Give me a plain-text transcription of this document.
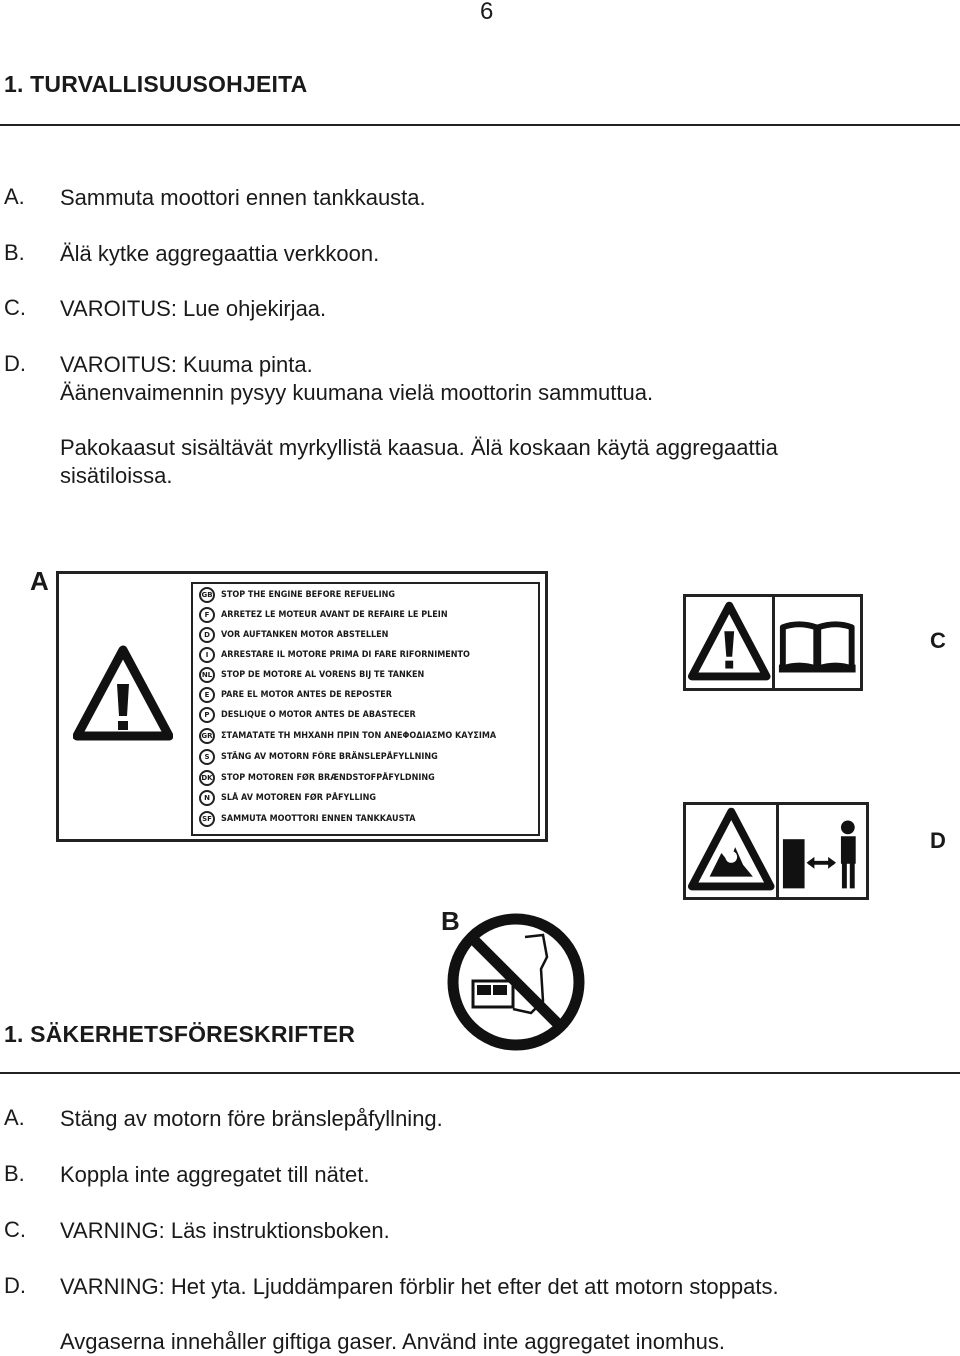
6
1. TURVALLISUUSOHJEITA
A. Sammuta moottori ennen tankkausta.
B. Älä kytke aggregaattia verkkoon.
C. VAROITUS: Lue ohjekirjaa.
D. VAROITUS: Kuuma pinta.
Äänenvaimennin pysyy kuumana vielä moottorin sammuttua.
Pakokaasut sisältävät myrkyllistä kaasua. Älä koskaan käytä aggregaattia
sisätiloissa.
A
C
D
B
GB STOP THE ENGINE BEFORE REFUELING
F	ARRETEZ LE MOTEUR AVANT DE REFAIRE LE PLEIN
D	VOR AUFTANKEN MOTOR ABSTELLEN
I	ARRESTARE IL MOTORE PRIMA DI FARE RIFORNIMENTO
NL	STOP DE MOTORE AL VORENS BIJ TE TANKEN
E	PARE EL MOTOR ANTES DE REPOSTER
P	DESLIQUE O MOTOR ANTES DE ABASTECER
GR ΣΤΑΜΑΤΑΤΕ ΤΗ ΜΗΧΑΝΗ ΠΡΙΝ ΤΟΝ ΑΝΕΦΟΔΙΑΣΜΟ ΚΑΥΣΙΜΑ
S	STÄNG AV MOTORN FÖRE BRÄNSLEPÅFYLLNING
DK STOP MOTOREN FØR BRÆNDSTOFPÅFYLDNING
N	SLÅ AV MOTOREN FØR PÅFYLLING
SF	SAMMUTA MOOTTORI ENNEN TANKKAUSTA
1. SÄKERHETSFÖRESKRIFTER
A. Stäng av motorn före bränslepåfyllning.
B. Koppla inte aggregatet till nätet.
C. VARNING: Läs instruktionsboken.
D. VARNING: Het yta. Ljuddämparen förblir het efter det att motorn stoppats.
Avgaserna innehåller giftiga gaser. Använd inte aggregatet inomhus.
